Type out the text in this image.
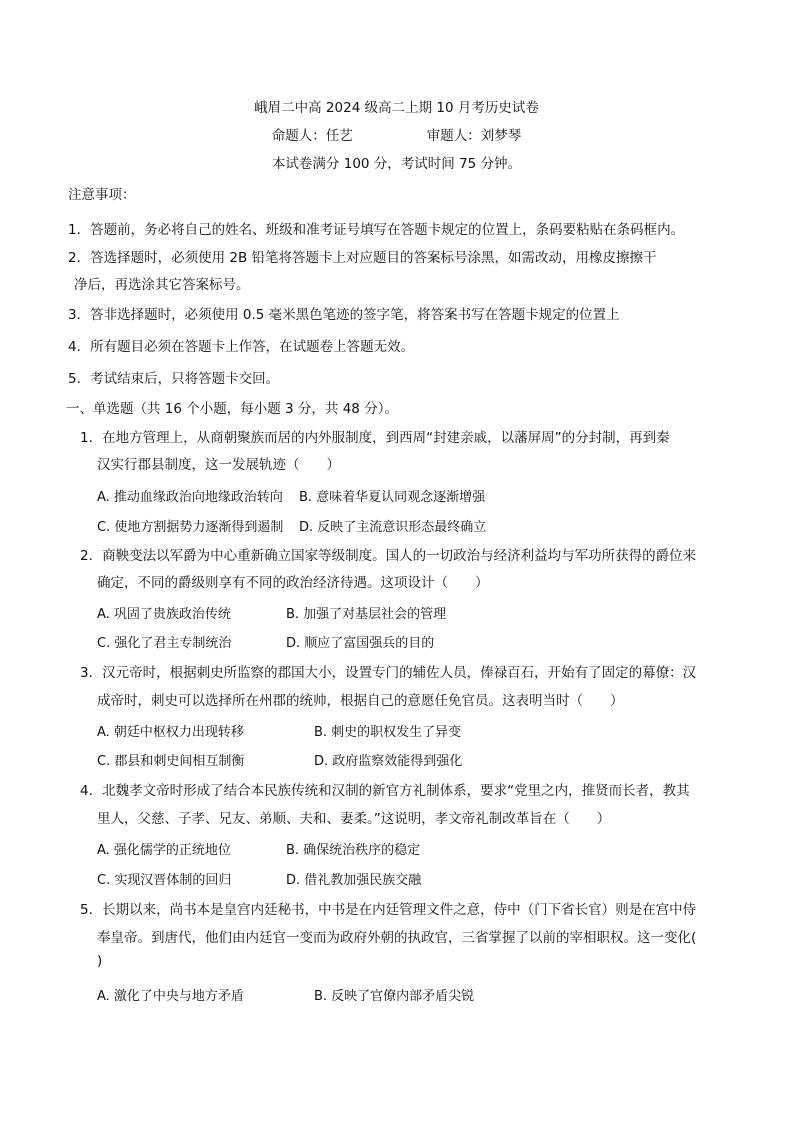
峨眉二中高 2024 级高二上期 10 月考历史试卷
命题人：任艺	审题人：刘梦琴
本试卷满分 100 分，考试时间 75 分钟。
注意事项：
1．答题前，务必将自己的姓名、班级和准考证号填写在答题卡规定的位置上，条码要粘贴在条码框内。
2．答选择题时，必须使用 2B 铅笔将答题卡上对应题目的答案标号涂黑，如需改动，用橡皮擦擦干
净后，再选涂其它答案标号。
3．答非选择题时，必须使用 0.5 毫米黑色笔迹的签字笔，将答案书写在答题卡规定的位置上
4．所有题目必须在答题卡上作答，在试题卷上答题无效。
5．考试结束后，只将答题卡交回。
一、单选题（共 16 个小题，每小题 3 分，共 48 分）。
1．在地方管理上，从商朝聚族而居的内外服制度，到西周“封建亲戚，以藩屏周”的分封制，再到秦
汉实行郡县制度，这一发展轨迹（　　）
A. 推动血缘政治向地缘政治转向 B. 意味着华夏认同观念逐渐增强
C. 使地方割据势力逐渐得到遏制 D. 反映了主流意识形态最终确立
2．商鞅变法以军爵为中心重新确立国家等级制度。国人的一切政治与经济利益均与军功所获得的爵位来
确定，不同的爵级则享有不同的政治经济待遇。这项设计（　　）
A. 巩固了贵族政治传统	B. 加强了对基层社会的管理
C. 强化了君主专制统治	D. 顺应了富国强兵的目的
3．汉元帝时，根据刺史所监察的郡国大小，设置专门的辅佐人员，俸禄百石，开始有了固定的幕僚：汉
成帝时，刺史可以选择所在州郡的统帅，根据自己的意愿任免官员。这表明当时（　　）
A. 朝廷中枢权力出现转移	B. 刺史的职权发生了异变
C. 郡县和刺史间相互制衡	D. 政府监察效能得到强化
4．北魏孝文帝时形成了结合本民族传统和汉制的新官方礼制体系，要求“党里之内，推贤而长者，教其
里人，父慈、子孝、兄友、弟顺、夫和、妻柔。”这说明，孝文帝礼制改革旨在（　　）
A. 强化儒学的正统地位	B. 确保统治秩序的稳定
C. 实现汉晋体制的回归	D. 借礼教加强民族交融
5．长期以来，尚书本是皇宫内廷秘书，中书是在内廷管理文件之意，侍中（门下省长官）则是在宫中侍
奉皇帝。到唐代，他们由内廷官一变而为政府外朝的执政官，三省掌握了以前的宰相职权。这一变化(
)
A. 激化了中央与地方矛盾	B. 反映了官僚内部矛盾尖锐
